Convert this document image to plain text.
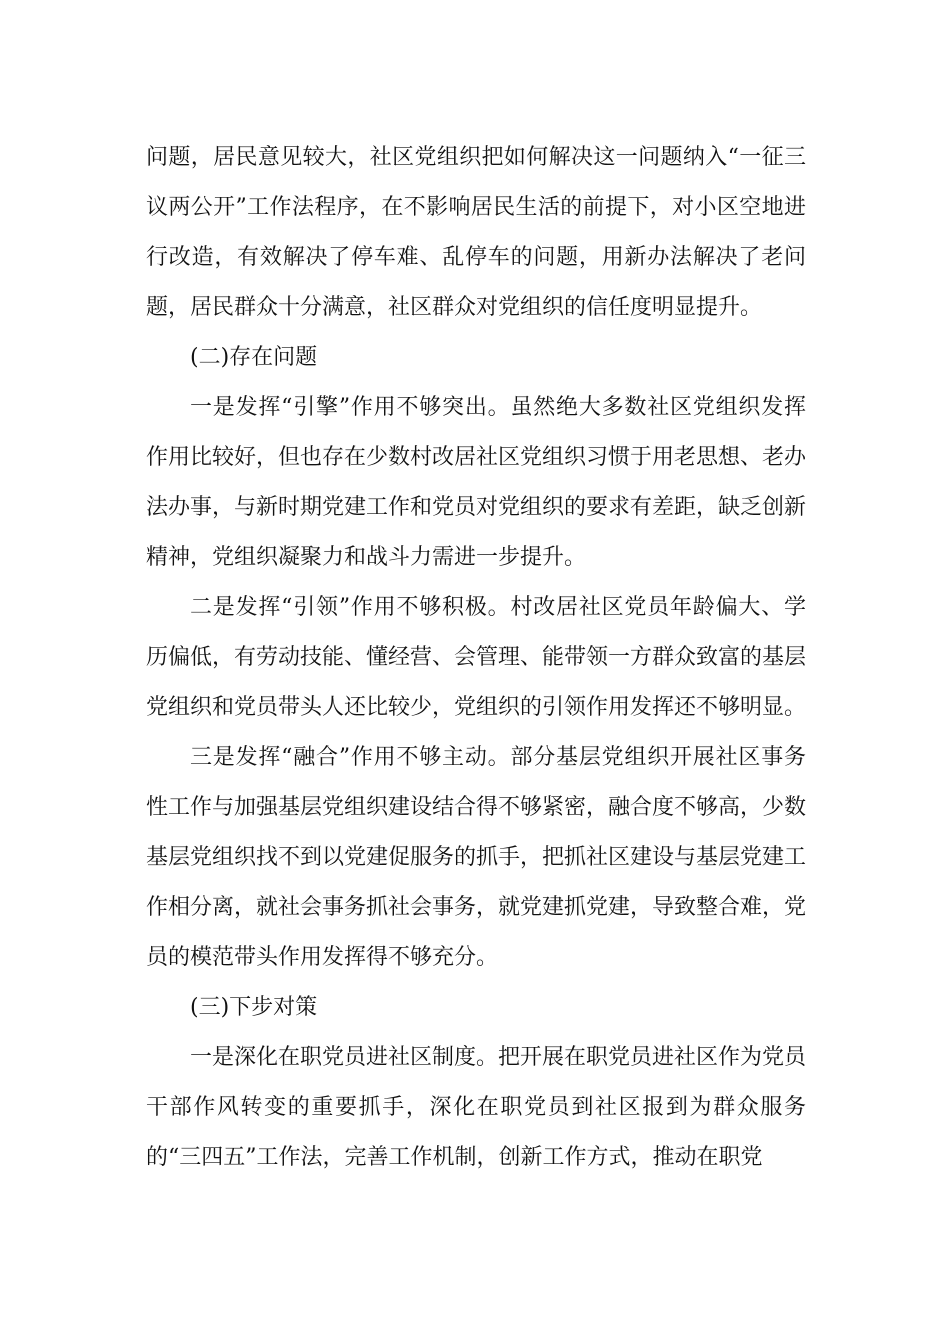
问题，居民意见较大，社区党组织把如何解决这一问题纳入“一征三议两公开”工作法程序，在不影响居民生活的前提下，对小区空地进行改造，有效解决了停车难、乱停车的问题，用新办法解决了老问题，居民群众十分满意，社区群众对党组织的信任度明显提升。

(二)存在问题

一是发挥“引擎”作用不够突出。虽然绝大多数社区党组织发挥作用比较好，但也存在少数村改居社区党组织习惯于用老思想、老办法办事，与新时期党建工作和党员对党组织的要求有差距，缺乏创新精神，党组织凝聚力和战斗力需进一步提升。

二是发挥“引领”作用不够积极。村改居社区党员年龄偏大、学历偏低，有劳动技能、懂经营、会管理、能带领一方群众致富的基层党组织和党员带头人还比较少，党组织的引领作用发挥还不够明显。

三是发挥“融合”作用不够主动。部分基层党组织开展社区事务性工作与加强基层党组织建设结合得不够紧密，融合度不够高，少数基层党组织找不到以党建促服务的抓手，把抓社区建设与基层党建工作相分离，就社会事务抓社会事务，就党建抓党建，导致整合难，党员的模范带头作用发挥得不够充分。

(三)下步对策

一是深化在职党员进社区制度。把开展在职党员进社区作为党员干部作风转变的重要抓手，深化在职党员到社区报到为群众服务的“三四五”工作法，完善工作机制，创新工作方式，推动在职党
